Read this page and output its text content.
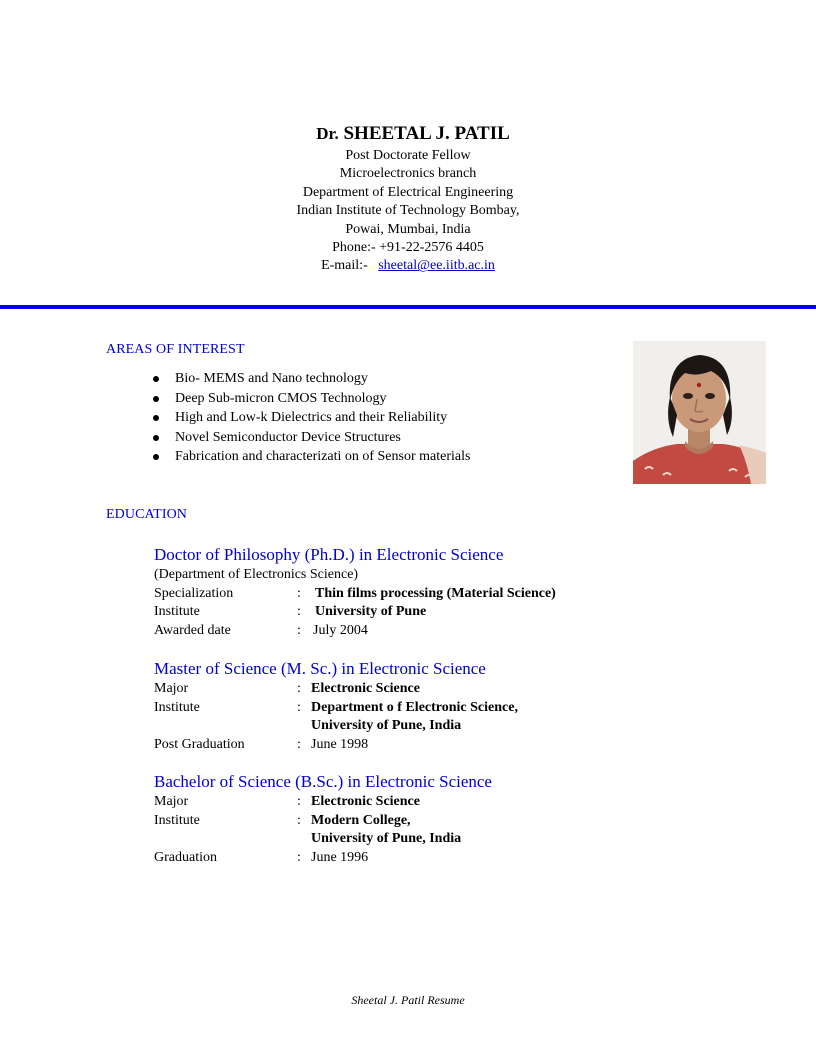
Dr. SHEETAL J. PATIL
Post Doctorate Fellow
Microelectronics branch
Department of Electrical Engineering
Indian Institute of Technology Bombay,
Powai, Mumbai, India
Phone:- +91-22-2576 4405
E-mail:- sheetal@ee.iitb.ac.in
AREAS OF INTEREST
Bio- MEMS and Nano technology
Deep Sub-micron CMOS Technology
High and Low-k Dielectrics and their Reliability
Novel Semiconductor Device Structures
Fabrication and characterizati on of Sensor materials
EDUCATION
Doctor of Philosophy (Ph.D.) in Electronic Science
(Department of Electronics Science)
Specialization	:	Thin films processing (Material Science)
Institute	:	University of Pune
Awarded date	: July 2004
Master of Science (M. Sc.) in Electronic Science
Major	: Electronic Science
Institute	: Department o f Electronic Science,
University of Pune, India
Post Graduation	: June 1998
Bachelor of Science (B.Sc.) in Electronic Science
Major	: Electronic Science
Institute	: Modern College,
University of Pune, India
Graduation	: June 1996
Sheetal J. Patil Resume
